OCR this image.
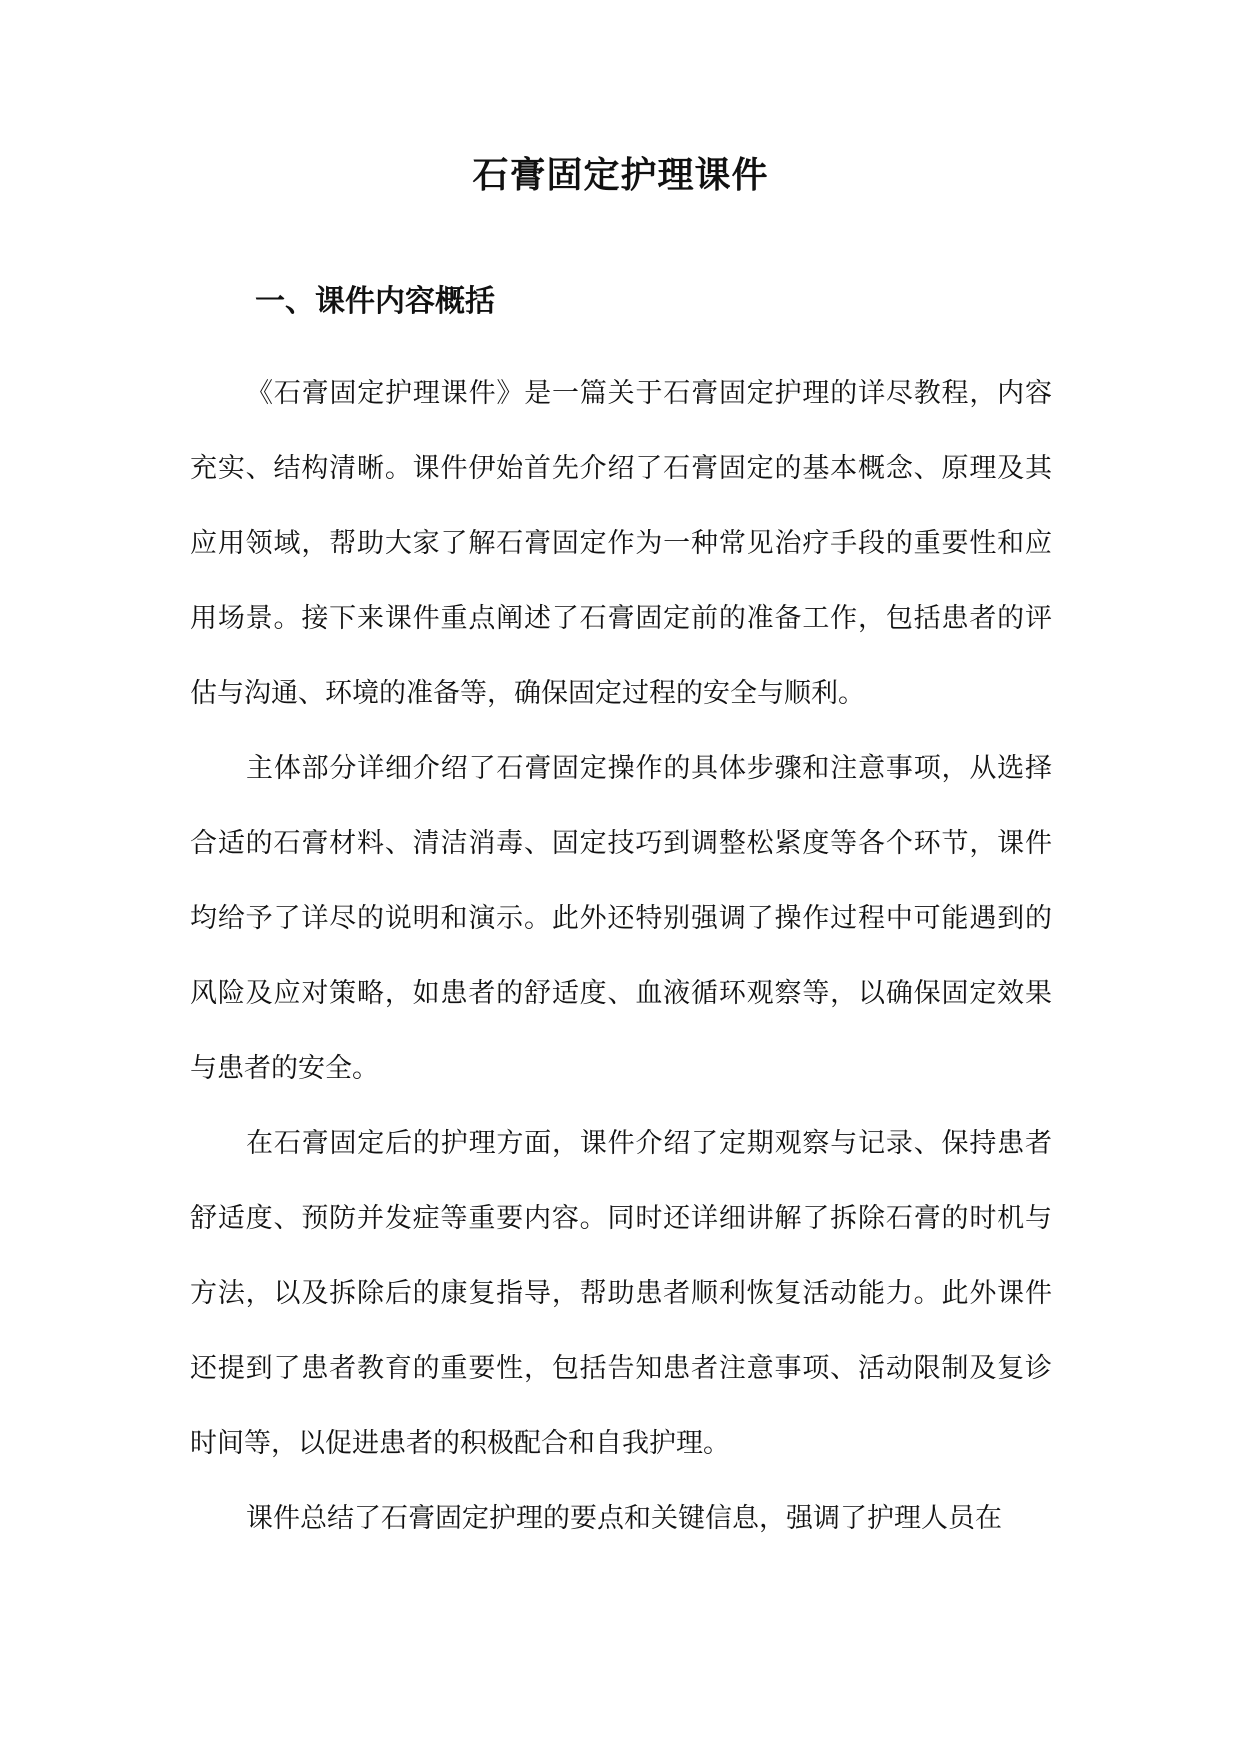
石膏固定护理课件
一、课件内容概括

《石膏固定护理课件》是一篇关于石膏固定护理的详尽教程，内容充实、结构清晰。课件伊始首先介绍了石膏固定的基本概念、原理及其应用领域，帮助大家了解石膏固定作为一种常见治疗手段的重要性和应用场景。接下来课件重点阐述了石膏固定前的准备工作，包括患者的评估与沟通、环境的准备等，确保固定过程的安全与顺利。

主体部分详细介绍了石膏固定操作的具体步骤和注意事项，从选择合适的石膏材料、清洁消毒、固定技巧到调整松紧度等各个环节，课件均给予了详尽的说明和演示。此外还特别强调了操作过程中可能遇到的风险及应对策略，如患者的舒适度、血液循环观察等，以确保固定效果与患者的安全。

在石膏固定后的护理方面，课件介绍了定期观察与记录、保持患者舒适度、预防并发症等重要内容。同时还详细讲解了拆除石膏的时机与方法，以及拆除后的康复指导，帮助患者顺利恢复活动能力。此外课件还提到了患者教育的重要性，包括告知患者注意事项、活动限制及复诊时间等，以促进患者的积极配合和自我护理。

课件总结了石膏固定护理的要点和关键信息，强调了护理人员在
